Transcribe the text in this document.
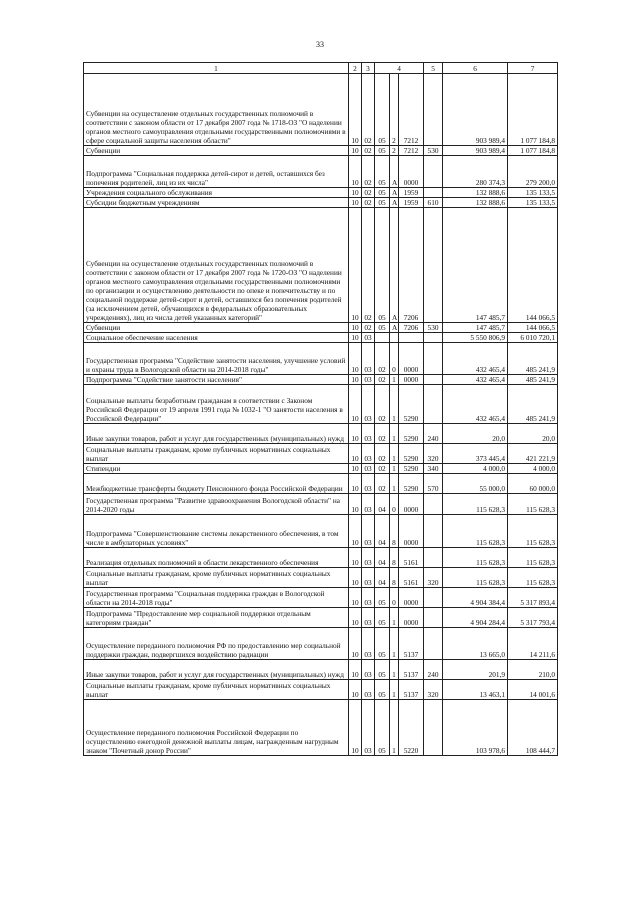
33
1	2	3	4			5	6	7
Субвенции на осуществление отдельных государственных полномочий в соответствии с законом области от 17 декабря 2007 года № 1718-ОЗ "О наделении органов местного самоуправления отдельными государственными полномочиями в сфере социальной защиты населения области"	10	02	05	2	7212		903 989,4	1 077 184,8
Субвенции	10	02	05	2	7212	530	903 989,4	1 077 184,8
Подпрограмма "Социальная поддержка детей-сирот и детей, оставшихся без попечения родителей, лиц из их числа"	10	02	05	А	0000		280 374,3	279 200,0
Учреждения социального обслуживания	10	02	05	А	1959		132 888,6	135 133,5
Субсидии бюджетным учреждениям	10	02	05	А	1959	610	132 888,6	135 133,5
Субвенции на осуществление отдельных государственных полномочий в соответствии с законом области от 17 декабря 2007 года № 1720-ОЗ "О наделении органов местного самоуправления отдельными государственными полномочиями по организации и осуществлению деятельности по опеке и попечительству и по социальной поддержке детей-сирот и детей, оставшихся без попечения родителей (за исключением детей, обучающихся в федеральных образовательных учреждениях), лиц из числа детей указанных категорий"	10	02	05	А	7206		147 485,7	144 066,5
Субвенции	10	02	05	А	7206	530	147 485,7	144 066,5
Социальное обеспечение населения	10	03					5 550 806,9	6 010 720,1
Государственная программа "Содействие занятости населения, улучшение условий и охраны труда в Вологодской области на 2014-2018 годы"	10	03	02	0	0000		432 465,4	485 241,9
Подпрограмма "Содействие занятости населения"	10	03	02	1	0000		432 465,4	485 241,9
Социальные выплаты безработным гражданам в соответствии с Законом Российской Федерации от 19 апреля 1991 года № 1032-1 "О занятости населения в Российской Федерации"	10	03	02	1	5290		432 465,4	485 241,9
Иные закупки товаров, работ и услуг для государственных (муниципальных) нужд	10	03	02	1	5290	240	20,0	20,0
Социальные выплаты гражданам, кроме публичных нормативных социальных выплат	10	03	02	1	5290	320	373 445,4	421 221,9
Стипендии	10	03	02	1	5290	340	4 000,0	4 000,0
Межбюджетные трансферты бюджету Пенсионного фонда Российской Федерации	10	03	02	1	5290	570	55 000,0	60 000,0
Государственная программа "Развитие здравоохранения Вологодской области" на 2014-2020 годы	10	03	04	0	0000		115 628,3	115 628,3
Подпрограмма "Совершенствование системы лекарственного обеспечения, в том числе в амбулаторных условиях"	10	03	04	8	0000		115 628,3	115 628,3
Реализация отдельных полномочий в области лекарственного обеспечения	10	03	04	8	5161		115 628,3	115 628,3
Социальные выплаты гражданам, кроме публичных нормативных социальных выплат	10	03	04	8	5161	320	115 628,3	115 628,3
Государственная программа "Социальная поддержка граждан в Вологодской области на 2014-2018 годы"	10	03	05	0	0000		4 904 384,4	5 317 893,4
Подпрограмма "Предоставление мер социальной поддержки отдельным категориям граждан"	10	03	05	1	0000		4 904 284,4	5 317 793,4
Осуществление переданного полномочия РФ по предоставлению мер социальной поддержки граждан, подвергшихся воздействию радиации	10	03	05	1	5137		13 665,0	14 211,6
Иные закупки товаров, работ и услуг для государственных (муниципальных) нужд	10	03	05	1	5137	240	201,9	210,0
Социальные выплаты гражданам, кроме публичных нормативных социальных выплат	10	03	05	1	5137	320	13 463,1	14 001,6
Осуществление переданного полномочия Российской Федерации по осуществлению ежегодной денежной выплаты лицам, награжденным нагрудным знаком "Почетный донор России"	10	03	05	1	5220		103 978,6	108 444,7
